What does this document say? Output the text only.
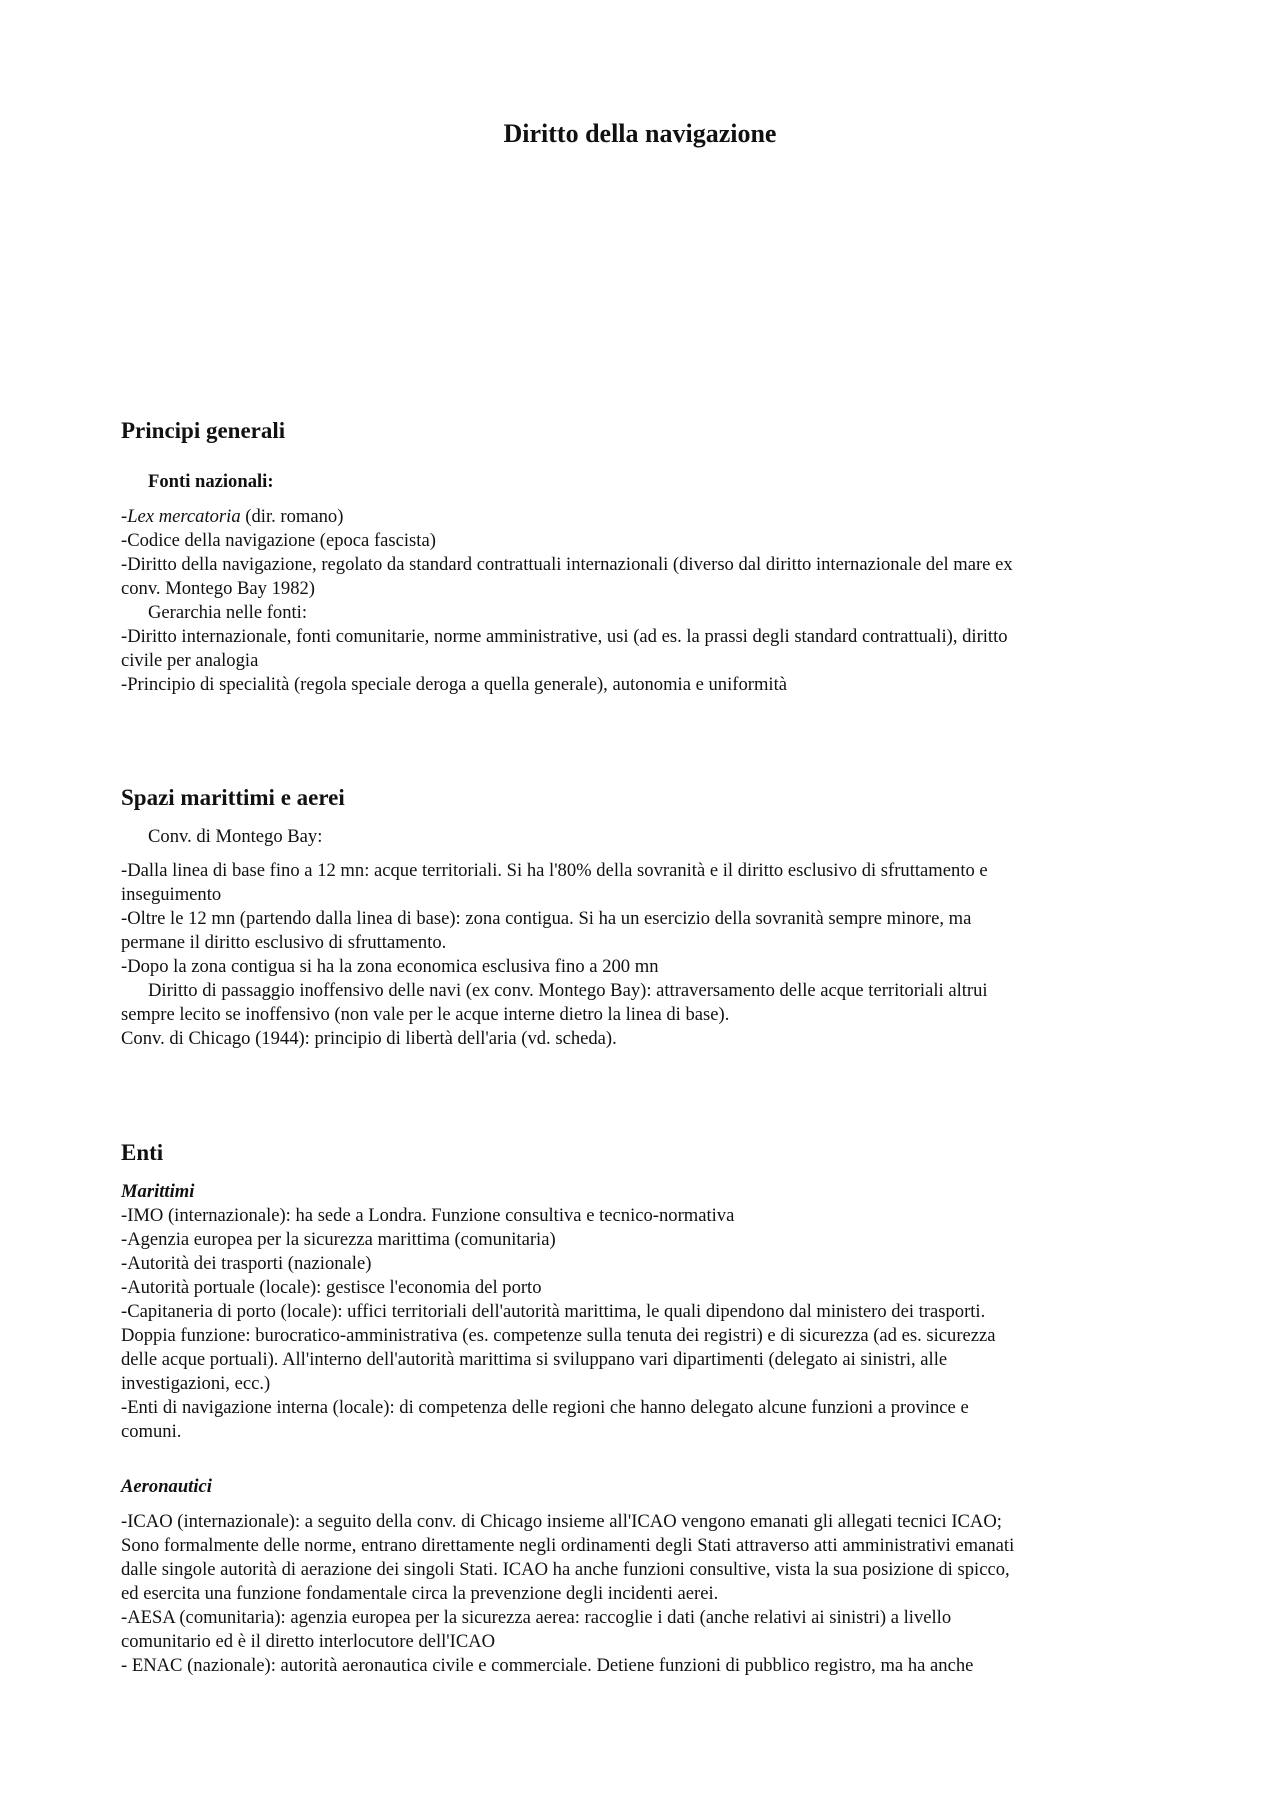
Diritto della navigazione
Principi generali
Fonti nazionali:
-Lex mercatoria (dir. romano)
-Codice della navigazione (epoca fascista)
-Diritto della navigazione, regolato da standard contrattuali internazionali (diverso dal diritto internazionale del mare ex
conv. Montego Bay 1982)
Gerarchia nelle fonti:
-Diritto internazionale, fonti comunitarie, norme amministrative, usi (ad es. la prassi degli standard contrattuali), diritto
civile per analogia
-Principio di specialità (regola speciale deroga a quella generale), autonomia e uniformità
Spazi marittimi e aerei
Conv. di Montego Bay:
-Dalla linea di base fino a 12 mn: acque territoriali. Si ha l'80% della sovranità e il diritto esclusivo di sfruttamento e
inseguimento
-Oltre le 12 mn (partendo dalla linea di base): zona contigua. Si ha un esercizio della sovranità sempre minore, ma
permane il diritto esclusivo di sfruttamento.
-Dopo la zona contigua si ha la zona economica esclusiva fino a 200 mn
Diritto di passaggio inoffensivo delle navi (ex conv. Montego Bay): attraversamento delle acque territoriali altrui
sempre lecito se inoffensivo (non vale per le acque interne dietro la linea di base).
Conv. di Chicago (1944): principio di libertà dell'aria (vd. scheda).
Enti
Marittimi
-IMO (internazionale): ha sede a Londra. Funzione consultiva e tecnico-normativa
-Agenzia europea per la sicurezza marittima (comunitaria)
-Autorità dei trasporti (nazionale)
-Autorità portuale (locale): gestisce l'economia del porto
-Capitaneria di porto (locale): uffici territoriali dell'autorità marittima, le quali dipendono dal ministero dei trasporti.
Doppia funzione: burocratico-amministrativa (es. competenze sulla tenuta dei registri) e di sicurezza (ad es. sicurezza
delle acque portuali). All'interno dell'autorità marittima si sviluppano vari dipartimenti (delegato ai sinistri, alle
investigazioni, ecc.)
-Enti di navigazione interna (locale): di competenza delle regioni che hanno delegato alcune funzioni a province e
comuni.
Aeronautici
-ICAO (internazionale): a seguito della conv. di Chicago insieme all'ICAO vengono emanati gli allegati tecnici ICAO;
Sono formalmente delle norme, entrano direttamente negli ordinamenti degli Stati attraverso atti amministrativi emanati
dalle singole autorità di aerazione dei singoli Stati. ICAO ha anche funzioni consultive, vista la sua posizione di spicco,
ed esercita una funzione fondamentale circa la prevenzione degli incidenti aerei.
-AESA (comunitaria): agenzia europea per la sicurezza aerea: raccoglie i dati (anche relativi ai sinistri) a livello
comunitario ed è il diretto interlocutore dell'ICAO
- ENAC (nazionale): autorità aeronautica civile e commerciale. Detiene funzioni di pubblico registro, ma ha anche
